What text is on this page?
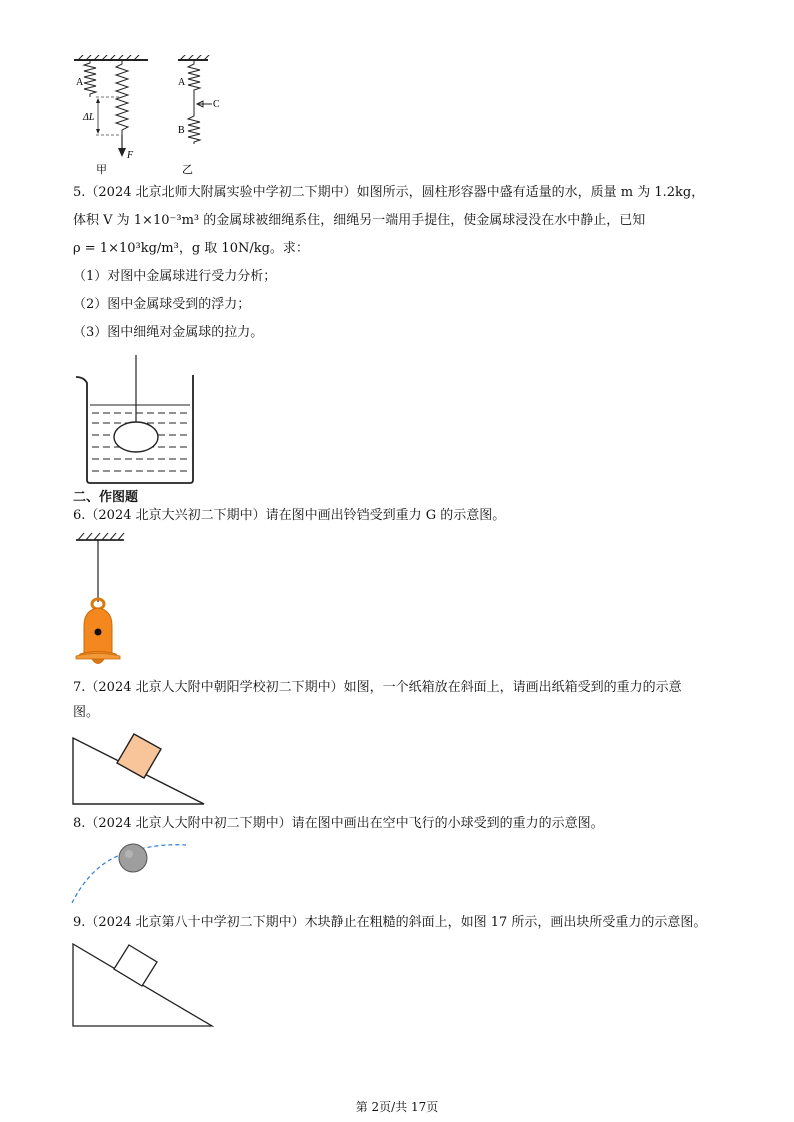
A
ΔL
F
甲
A
B
C
乙
5.（2024 北京北师大附属实验中学初二下期中）如图所示，圆柱形容器中盛有适量的水，质量 m 为 1.2kg，
体积 V 为 1×10⁻³m³ 的金属球被细绳系住，细绳另一端用手提住，使金属球浸没在水中静止，已知
ρ = 1×10³kg/m³，g 取 10N/kg。求：
（1）对图中金属球进行受力分析；
（2）图中金属球受到的浮力；
（3）图中细绳对金属球的拉力。
二、作图题
6.（2024 北京大兴初二下期中）请在图中画出铃铛受到重力 G 的示意图。
7.（2024 北京人大附中朝阳学校初二下期中）如图，一个纸箱放在斜面上，请画出纸箱受到的重力的示意
图。
8.（2024 北京人大附中初二下期中）请在图中画出在空中飞行的小球受到的重力的示意图。
9.（2024 北京第八十中学初二下期中）木块静止在粗糙的斜面上，如图 17 所示，画出块所受重力的示意图。
第 2页/共 17页
